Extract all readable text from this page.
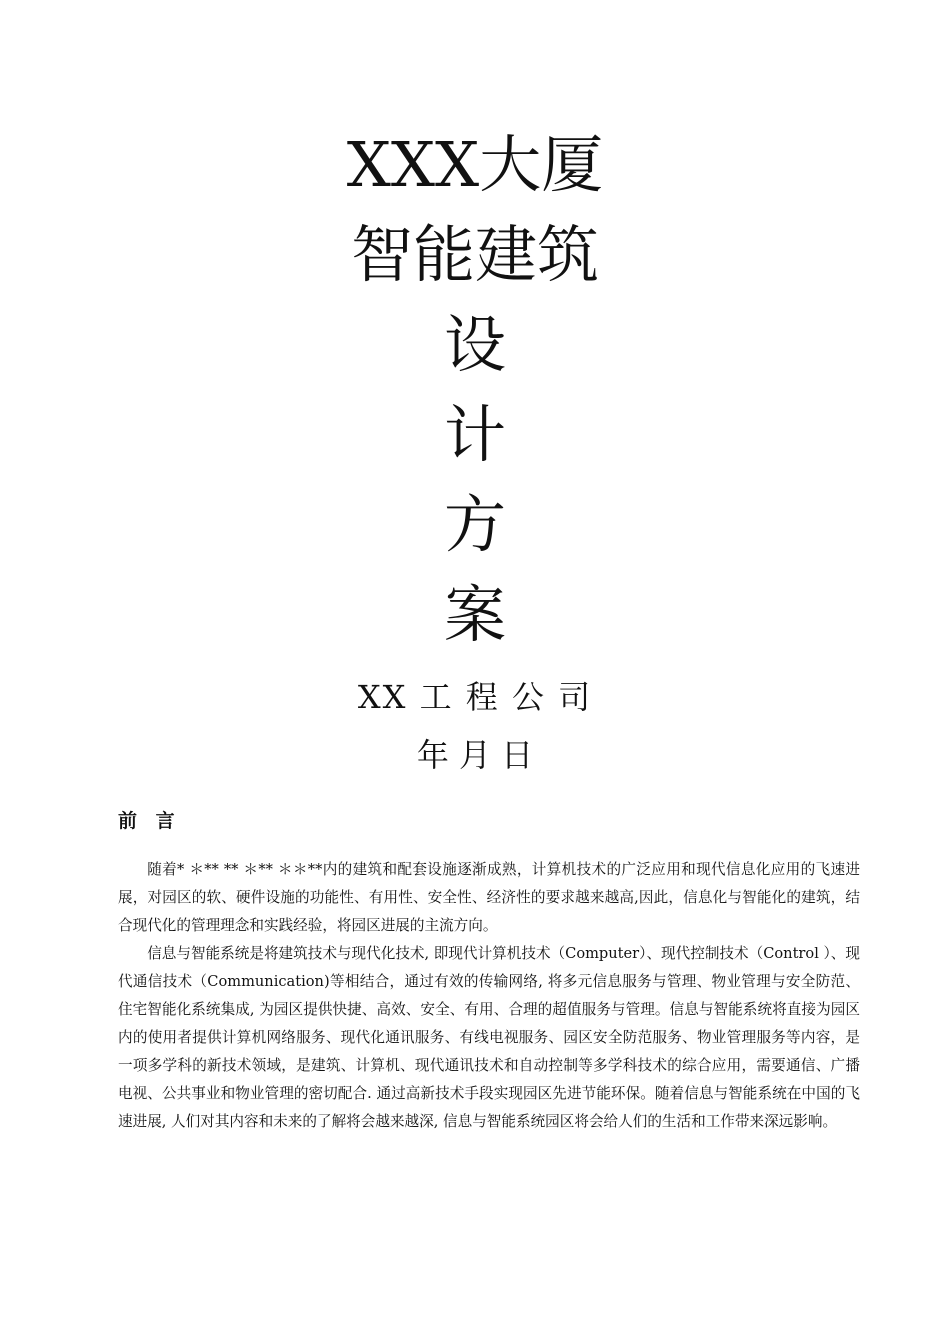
XXX大厦
智能建筑
设
计
方
案
XX 工 程 公 司
年 月 日
前 言

随着* ＊** ** ＊** ＊＊**内的建筑和配套设施逐渐成熟，计算机技术的广泛应用和现代信息化应用的飞速进展，对园区的软、硬件设施的功能性、有用性、安全性、经济性的要求越来越高,因此，信息化与智能化的建筑，结合现代化的管理理念和实践经验，将园区进展的主流方向。

信息与智能系统是将建筑技术与现代化技术, 即现代计算机技术（Computer）、现代控制技术（Control ）、现代通信技术（Communication)等相结合，通过有效的传输网络, 将多元信息服务与管理、物业管理与安全防范、住宅智能化系统集成, 为园区提供快捷、高效、安全、有用、合理的超值服务与管理。信息与智能系统将直接为园区内的使用者提供计算机网络服务、现代化通讯服务、有线电视服务、园区安全防范服务、物业管理服务等内容，是一项多学科的新技术领域，是建筑、计算机、现代通讯技术和自动控制等多学科技术的综合应用，需要通信、广播电视、公共事业和物业管理的密切配合. 通过高新技术手段实现园区先进节能环保。随着信息与智能系统在中国的飞速进展, 人们对其内容和未来的了解将会越来越深, 信息与智能系统园区将会给人们的生活和工作带来深远影响。
